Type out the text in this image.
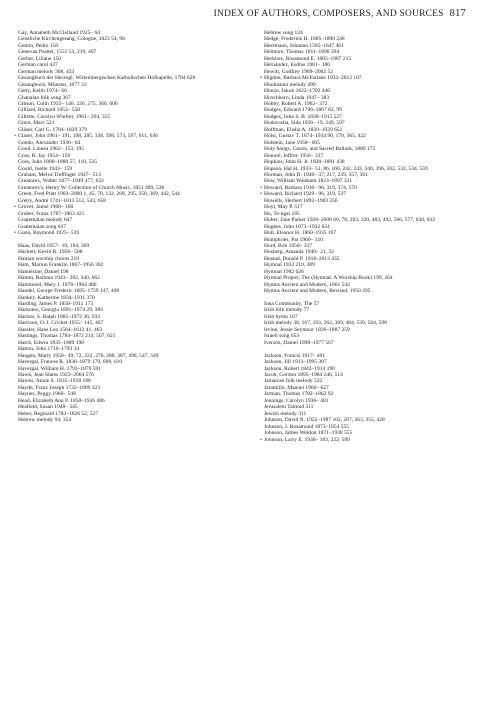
INDEX OF AUTHORS, COMPOSERS, AND SOURCES 817
Gay, Annabeth McClelland 1925– 64
Geistliche Kirchengesang, Cologne, 1623 54, 98
Gemin, Pedro 150
Genevan Psalter, 1551 53, 219, 407
Gerber, Liliane 150
German carol 437
German melody 368, 433
Gesangbuch der Herzogl. Wirtembergischen Katholischen Hofkapelle, 1784 628
Gesangbuch, Münster, 1677 33
Getty, Keith 1974– 66
Ghanaian folk song 367
Gibson, Colin 1933– 140, 226, 275, 360, 606
Gilliard, Richard 1953– 550
Gillette, Carolyn Winfrey 1961– 204, 355
Ginot, Marc 521
Gläser, Carl G. 1784–1829 379
• Glaser, John 1961– 191, 198, 285, 338, 398, 573, 597, 611, 636
Gondo, Alexander 1936– 84
Good, Linnea 1962– 153, 195
Goss, R. Jay 1954– 150
Goss, John 1800–1880 57, 110, 535
Gould, Joelle 1943– 159
Graham, Melva Treffinger 1947– 513
Greatorex, Walter 1877–1949 477, 632
Greatorex's, Henry W. Collection of Church Music, 1851 489, 536
Green, Fred Pratt 1903–2000 1, 45, 70, 132, 268, 295, 358, 369, 442, 544
Grétry, André 1741–1813 512, 543, 658
• Grovet, Janné 1968– 160
Gruber, Franz 1787–1863 421
Guatemalan melody 647
Guatemalan song 647
• Gunn, Raymond 1925– 539
Haas, David 1957– 10, 164, 369
Hackett, Kevin R. 1956– 508
Haitian worship chorus 218
Ham, Marion Franklin 1867–1956 362
Hamelsine, Daniel 198
Hamm, Barbara 1943– 282, 340, 662
Hammond, Mary J. 1878–1964 486
Handel, George Frederic 1685–1759 147, 408
Hankey, Katherine 1834–1911 370
Harding, James P. 1850–1911 173
Harkness, Georgia 1891–1974 29, 389
Harlow, S. Ralph 1885–1972 36, 593
Harrison, O. I. Cricket 1955– 145, 467
Hassler, Hans Leo 1564–1612 41, 463
Hastings, Thomas 1784–1872 214, 507, 621
Hatch, Edwin 1835–1889 190
Hatton, John 1710–1793 34
Haugen, Marty 1950– 49, 72, 222, 276, 288, 387, 496, 547, 549
Havergal, Frances R. 1836–1879 179, 608, 610
Havergal, William H. 1793–1870 591
Hawk, Jean Slates 1923–2004 576
Hawks, Annie S. 1835–1918 188
Haydn, Franz Joseph 1732–1809 323
Haynes, Peggy 1960– 548
Head, Elizabeth Ann P. 1850–1936 486
Heafield, Susan 1948– 345
Heber, Reginald 1783–1826 52, 527
Hebrew melody 94, 354
Hebrew song 124
Hedge, Frederick H. 1805–1890 248
Heermann, Johannn 1585–1647 461
Helmore, Thomas 1811–1890 394
Herklots, Rosamond E. 1905–1987 215
Hernández, Esdras 1981– 180
Hewitt, Godfrey 1909–2002 52
• Higdon, Barbara McFarlane 1932–2012 107
Hindustani melody 499
Hintze, Jakob 1622–1702 446
Hirschhorn, Linda 1947– 383
Hobby, Robert A. 1962– 372
Hodges, Edward 1796–1867 62, 99
Hodges, John S. B. 1830–1915 527
Hodorosba, Sida 1956– 19, 249, 597
Hoffman, Elisha A. 1839–1929 651
Holst, Gustav T. 1874–1934 90, 170, 365, 422
Holstein, Jane 1958– 605
Holy Songs, Carols, and Sacred Ballads, 1880 175
Honoré, Jeffrey 1956– 337
Hopkins, John H. Jr. 1820–1891 438
Hopson, Hal H. 1933– 51, 86, 166, 242, 243, 340, 396, 502, 532, 534, 559
Horman, John D. 1946– 37, 217, 239, 357, 361
How, William Walsham 1823–1897 331
• Howard, Barbara 1930– 96, 319, 374, 570
• Howard, Richard 1929– 96, 319, 537
Howells, Herbert 1892–1983 356
Hoyt, May P. 517
Hu, Te-ngai 185
Huber, Jane Parker 1926–2008 60, 78, 283, 320, 483, 492, 566, 577, 630, 632
Hughes, John 1873–1932 624
Hull, Eleanor H. 1860–1935 167
Humphries, Pat 1960– 310
Hurd, Bob 1950– 337
Husberg, Amanda 1940– 21, 32
Hustad, Donald P. 1918–2013 435
Hymnal 1933 210, 389
Hymnal 1982 626
Hymnal Project, The (Hymnal: A Worship Book) 199, 264
Hymns Ancient and Modern, 1861 542
Hymns Ancient and Modern, Revised, 1950 295
Iona Community, The 57
Irish folk melody 77
Irish hymn 167
Irish melody 38, 167, 193, 262, 309, 404, 539, 564, 598
Irvine, Jessie Seymour 1836–1887 259
Israeli song 653
Iverson, Daniel 1890–1977 567
Jackson, Francis 1917– 401
Jackson, Jill 1913–1995 307
Jackson, Robert 1842–1914 190
Jacob, Gordon 1895–1984 246, 514
Jamaican folk melody 522
Jaramillo, Manuel 1966– 627
Jarman, Thomas 1782–1862 92
Jennings, Carolyn 1936– 481
Jerusalem Talmud 311
Jewish melody 311
Johnson, David N. 1922–1987 102, 207, 263, 355, 428
Johnson, J. Rosamond 1873–1954 555
Johnson, James Weldon 1871–1938 555
• Johnson, Larry E. 1936– 183, 222, 589
